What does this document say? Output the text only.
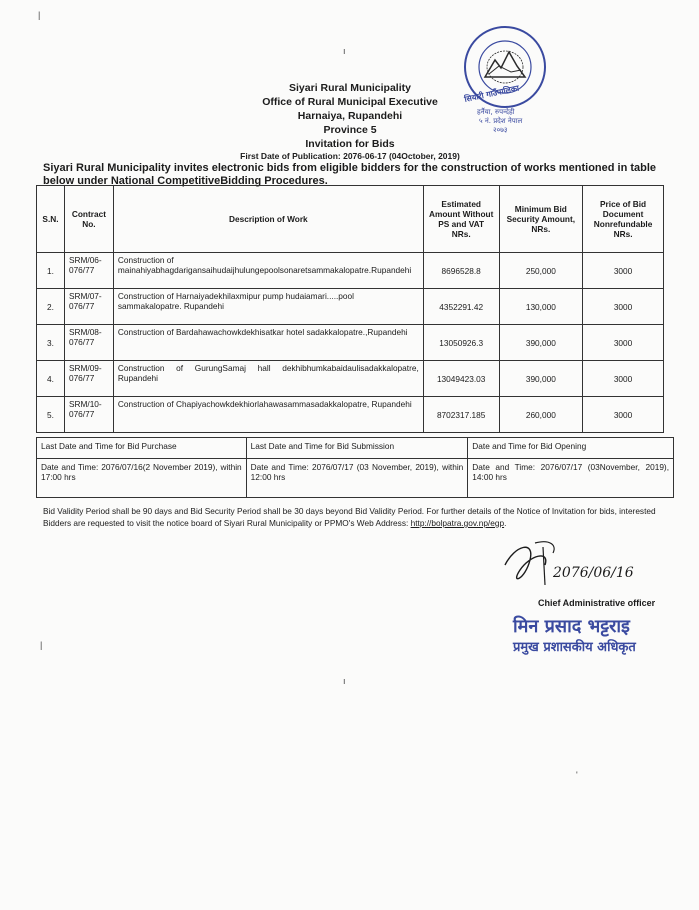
सियारी गाउँपालिका
हर्नैया, रुपन्देही
५ नं. प्रदेश नेपाल
२०७३
Siyari Rural Municipality
Office of Rural Municipal Executive
Harnaiya, Rupandehi
Province 5
Invitation for Bids
First Date of Publication: 2076-06-17 (04October, 2019)
Siyari Rural Municipality invites electronic bids from eligible bidders for the construction of works mentioned in table below under National CompetitiveBidding Procedures.
S.N.	Contract No.	Description of Work	Estimated Amount Without PS and VAT NRs.	Minimum Bid Security Amount, NRs.	Price of Bid Document Nonrefundable NRs.
1.	SRM/06-076/77	Construction of mainahiyabhagdarigansaihudaijhulungepoolsonaretsammakalopatre.Rupandehi	8696528.8	250,000	3000
2.	SRM/07-076/77	Construction of Harnaiyadekhilaxmipur pump hudaiamari.....pool sammakalopatre. Rupandehi	4352291.42	130,000	3000
3.	SRM/08-076/77	Construction of Bardahawachowkdekhisatkar hotel sadakkalopatre.,Rupandehi	13050926.3	390,000	3000
4.	SRM/09-076/77	Construction of GurungSamaj hall dekhibhumkabaidaulisadakkalopatre, Rupandehi	13049423.03	390,000	3000
5.	SRM/10-076/77	Construction of Chapiyachowkdekhiorlahawasammasadakkalopatre, Rupandehi	8702317.185	260,000	3000
Last Date and Time for Bid Purchase	Last Date and Time for Bid Submission	Date and Time for Bid Opening
Date and Time: 2076/07/16(2 November 2019), within 17:00 hrs	Date and Time: 2076/07/17 (03 November, 2019), within 12:00 hrs	Date and Time: 2076/07/17 (03November, 2019), 14:00 hrs
Bid Validity Period shall be 90 days and Bid Security Period shall be 30 days beyond Bid Validity Period. For further details of the Notice of Invitation for bids, interested Bidders are requested to visit the notice board of Siyari Rural Municipality or PPMO's Web Address: http://bolpatra.gov.np/egp.
2076/06/16
Chief Administrative officer
मिन प्रसाद भट्टराइ
प्रमुख प्रशासकीय अधिकृत
|
ı
|
ı
'
